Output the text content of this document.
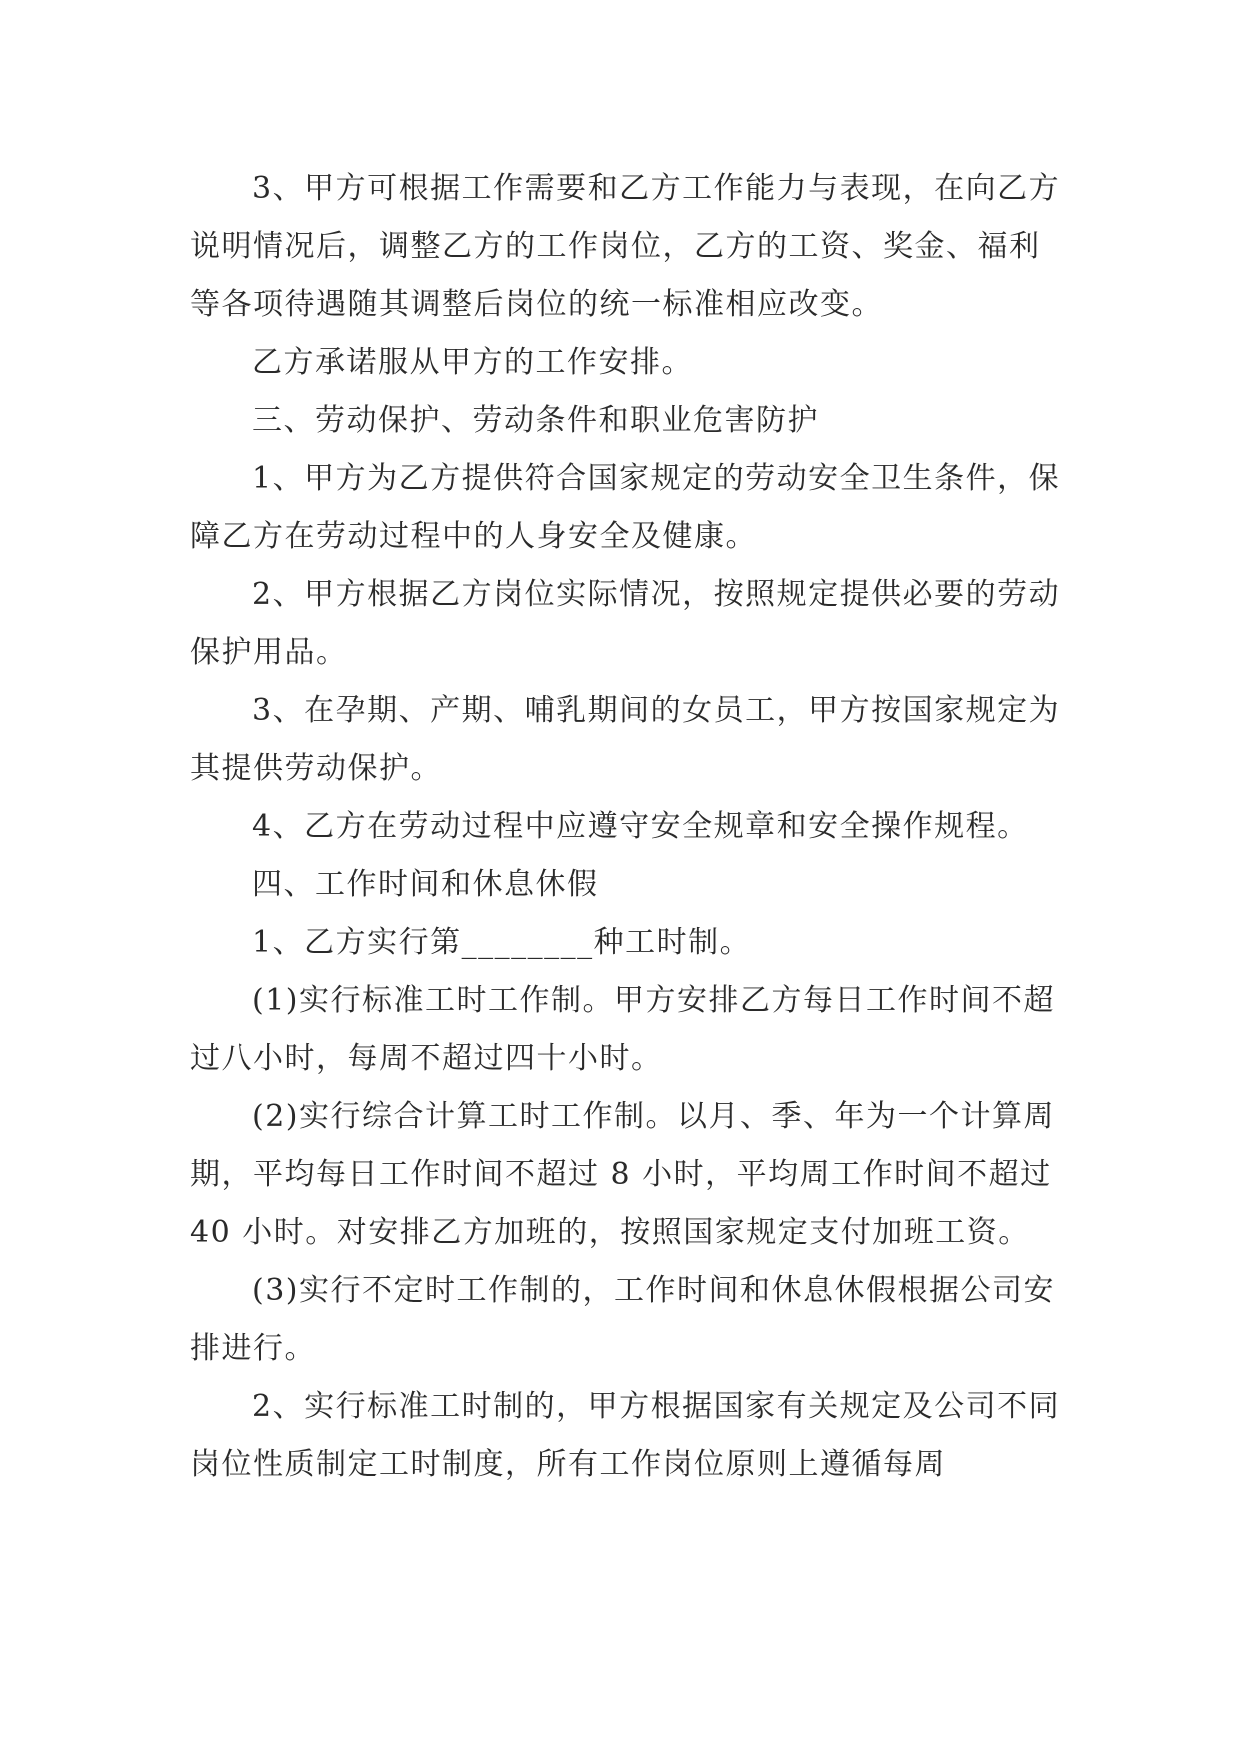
3、甲方可根据工作需要和乙方工作能力与表现，在向乙方说明情况后，调整乙方的工作岗位，乙方的工资、奖金、福利等各项待遇随其调整后岗位的统一标准相应改变。

乙方承诺服从甲方的工作安排。

三、劳动保护、劳动条件和职业危害防护

1、甲方为乙方提供符合国家规定的劳动安全卫生条件，保障乙方在劳动过程中的人身安全及健康。

2、甲方根据乙方岗位实际情况，按照规定提供必要的劳动保护用品。

3、在孕期、产期、哺乳期间的女员工，甲方按国家规定为其提供劳动保护。

4、乙方在劳动过程中应遵守安全规章和安全操作规程。

四、工作时间和休息休假

1、乙方实行第________种工时制。

(1)实行标准工时工作制。甲方安排乙方每日工作时间不超过八小时，每周不超过四十小时。

(2)实行综合计算工时工作制。以月、季、年为一个计算周期，平均每日工作时间不超过 8 小时，平均周工作时间不超过 40 小时。对安排乙方加班的，按照国家规定支付加班工资。

(3)实行不定时工作制的，工作时间和休息休假根据公司安排进行。

2、实行标准工时制的，甲方根据国家有关规定及公司不同岗位性质制定工时制度，所有工作岗位原则上遵循每周
